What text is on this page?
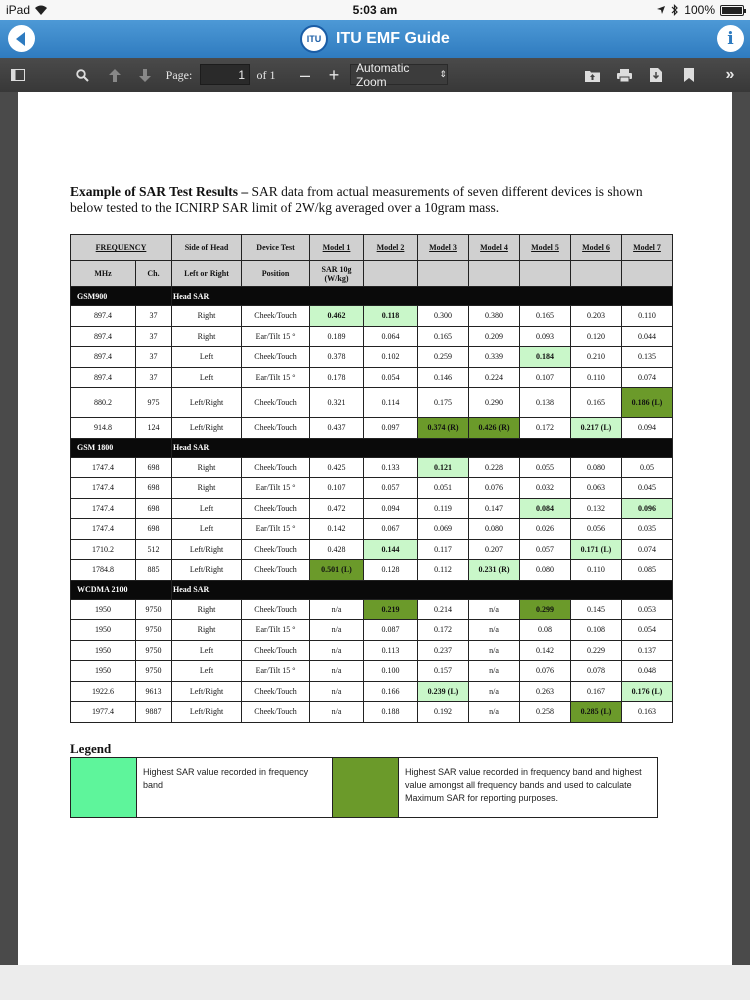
iPad	5:03 am	100%
ITU ITU EMF Guide	i
Page:
1	of 1 – +	Automatic Zoom
⇕	»
Example of SAR Test Results – SAR data from actual measurements of seven different devices is shown below tested to the ICNIRP SAR limit of 2W/kg averaged over a 10gram mass.
FREQUENCY		Side of Head	Device Test	Model 1	Model 2	Model 3	Model 4	Model 5	Model 6	Model 7
MHz	Ch.	Left or Right	Position	SAR 10g (W/kg)						
GSM900		Head SAR								
897.4	37	Right	Cheek/Touch	0.462	0.118	0.300	0.380	0.165	0.203	0.110
897.4	37	Right	Ear/Tilt 15 °	0.189	0.064	0.165	0.209	0.093	0.120	0.044
897.4	37	Left	Cheek/Touch	0.378	0.102	0.259	0.339	0.184	0.210	0.135
897.4	37	Left	Ear/Tilt 15 °	0.178	0.054	0.146	0.224	0.107	0.110	0.074
880.2	975	Left/Right	Cheek/Touch	0.321	0.114	0.175	0.290	0.138	0.165	0.186 (L)
914.8	124	Left/Right	Cheek/Touch	0.437	0.097	0.374 (R)	0.426 (R)	0.172	0.217 (L)	0.094
GSM 1800		Head SAR								
1747.4	698	Right	Cheek/Touch	0.425	0.133	0.121	0.228	0.055	0.080	0.05
1747.4	698	Right	Ear/Tilt 15 °	0.107	0.057	0.051	0.076	0.032	0.063	0.045
1747.4	698	Left	Cheek/Touch	0.472	0.094	0.119	0.147	0.084	0.132	0.096
1747.4	698	Left	Ear/Tilt 15 °	0.142	0.067	0.069	0.080	0.026	0.056	0.035
1710.2	512	Left/Right	Cheek/Touch	0.428	0.144	0.117	0.207	0.057	0.171 (L)	0.074
1784.8	885	Left/Right	Cheek/Touch	0.501 (L)	0.128	0.112	0.231 (R)	0.080	0.110	0.085
WCDMA 2100		Head SAR								
1950	9750	Right	Cheek/Touch	n/a	0.219	0.214	n/a	0.299	0.145	0.053
1950	9750	Right	Ear/Tilt 15 °	n/a	0.087	0.172	n/a	0.08	0.108	0.054
1950	9750	Left	Cheek/Touch	n/a	0.113	0.237	n/a	0.142	0.229	0.137
1950	9750	Left	Ear/Tilt 15 °	n/a	0.100	0.157	n/a	0.076	0.078	0.048
1922.6	9613	Left/Right	Cheek/Touch	n/a	0.166	0.239 (L)	n/a	0.263	0.167	0.176 (L)
1977.4	9887	Left/Right	Cheek/Touch	n/a	0.188	0.192	n/a	0.258	0.285 (L)	0.163
Legend
Highest SAR value recorded in frequency band
Highest SAR value recorded in frequency band and highest value amongst all frequency bands and used to calculate Maximum SAR for reporting purposes.
